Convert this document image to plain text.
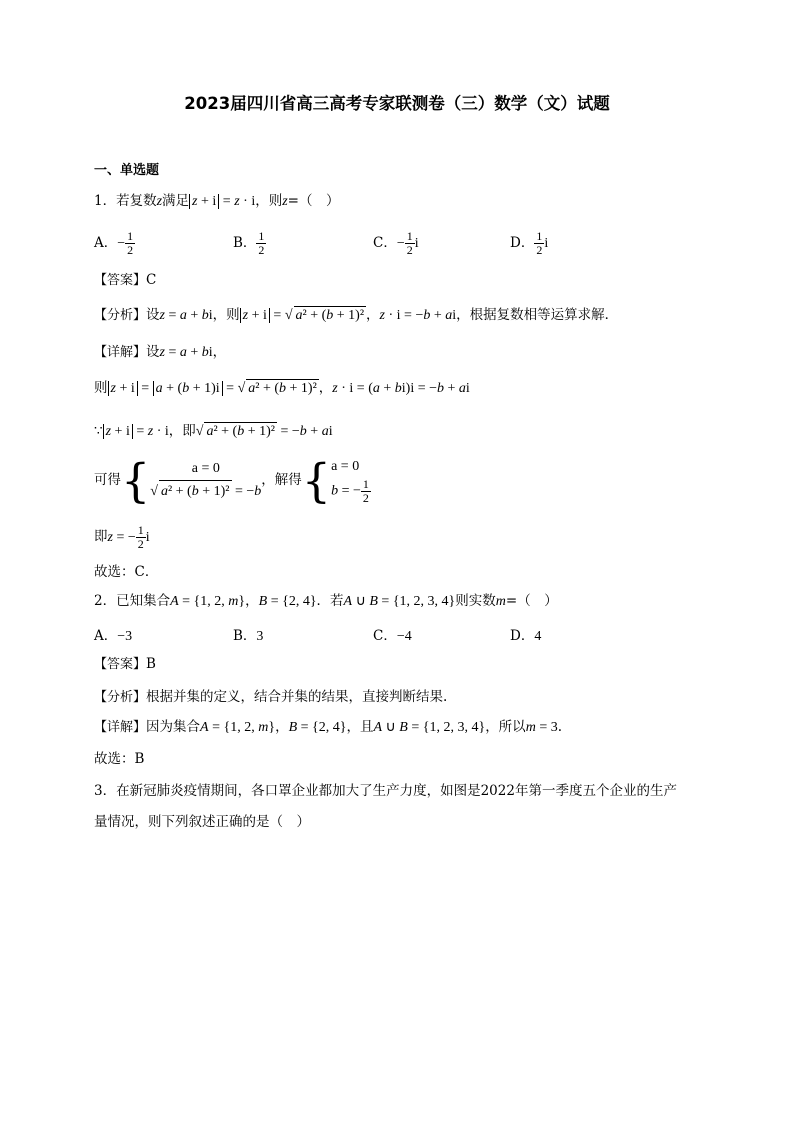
2023届四川省高三高考专家联测卷（三）数学（文）试题
一、单选题
1．若复数z满足 z + i = z · i，则z=（　）
A．− $\frac{1}{2}$	B． $\frac{1}{2}$	C．− $\frac{1}{2}$ i	D． $\frac{1}{2}$ i
【答案】C
【分析】设z = a + bi，则 z + i = √ a² + (b + 1)² ，z · i = −b + ai，根据复数相等运算求解．
【详解】设z = a + bi，
则 z + i = a + (b + 1)i = √ a² + (b + 1)² ，z · i = (a + bi)i = −b + ai
∵ z + i = z · i，即√ a² + (b + 1)² = −b + ai
可得{	a = 0
√ a² + (b + 1)² = −b
，解得{ a = 0
b = − $\frac{1}{2}$
即z = − $\frac{1}{2}$ i
故选：C．
2．已知集合A = {1, 2, m}，B = {2, 4}．若A ∪ B = {1, 2, 3, 4}则实数m=（　）
A．−3	B．3	C．−4	D．4
【答案】B
【分析】根据并集的定义，结合并集的结果，直接判断结果.
【详解】因为集合A = {1, 2, m}，B = {2, 4}，且A ∪ B = {1, 2, 3, 4}，所以m = 3.
故选：B
3．在新冠肺炎疫情期间，各口罩企业都加大了生产力度，如图是2022年第一季度五个企业的生产
量情况，则下列叙述正确的是（　）
